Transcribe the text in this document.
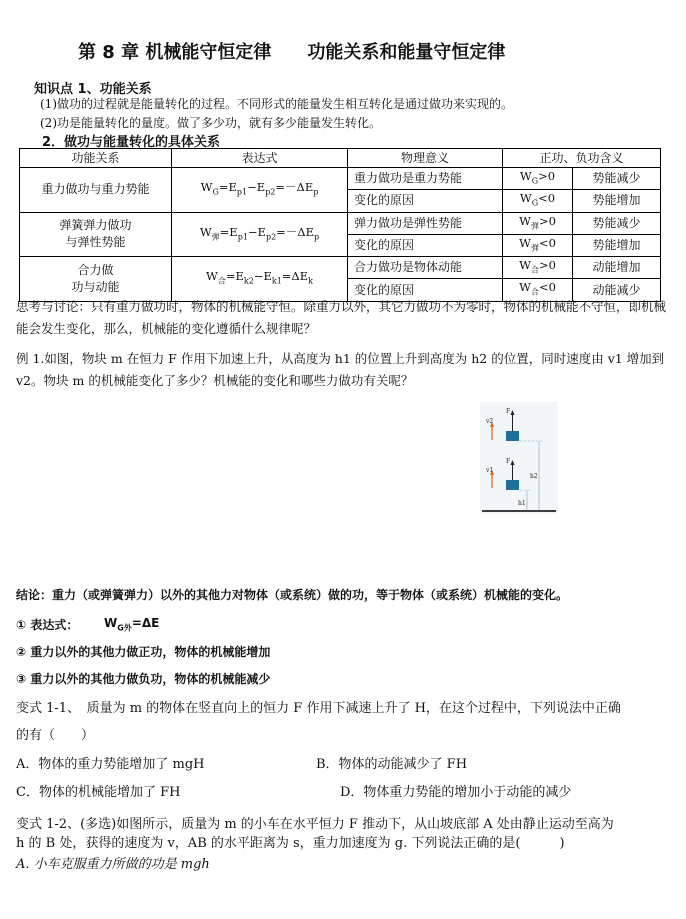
第 8 章 机械能守恒定律　　功能关系和能量守恒定律
知识点 1、功能关系
(1)做功的过程就是能量转化的过程。不同形式的能量发生相互转化是通过做功来实现的。
(2)功是能量转化的量度。做了多少功，就有多少能量发生转化。
2．做功与能量转化的具体关系
功能关系	表达式	物理意义	正功、负功含义	
重力做功与重力势能	$W_G=E_{p1}-E_{p2}=-\Delta E_p$	重力做功是重力势能	$W_G>0$	势能减少
		变化的原因	$W_G<0$	势能增加
弹簧弹力做功
与弹性势能	$W_弹=E_{p1}-E_{p2}=-\Delta E_p$	弹力做功是弹性势能	$W_弹>0$	势能减少
		变化的原因	$W_弹<0$	势能增加
合力做
功与动能	$W_合=E_{k2}-E_{k1}=\Delta E_k$	合力做功是物体动能	$W_合>0$	动能增加
		变化的原因	$W_合<0$	动能减少
思考与讨论：只有重力做功时，物体的机械能守恒。除重力以外，其它力做功不为零时，物体的机械能不守恒，即机械能会发生变化，那么，机械能的变化遵循什么规律呢？
例 1.如图，物块 m 在恒力 F 作用下加速上升，从高度为 h1 的位置上升到高度为 h2 的位置，同时速度由 v1 增加到 v2。物块 m 的机械能变化了多少？机械能的变化和哪些力做功有关呢？
F
v2
h2
F
v1
h1
结论：重力（或弹簧弹力）以外的其他力对物体（或系统）做的功，等于物体（或系统）机械能的变化。
① 表达式： $W_{G外}=\Delta E$
② 重力以外的其他力做正功，物体的机械能增加
③ 重力以外的其他力做负功，物体的机械能减少
变式 1-1、　质量为 m 的物体在竖直向上的恒力 F 作用下减速上升了 H，在这个过程中，下列说法中正确
的有（　　）
A．物体的重力势能增加了 mgH	B．物体的动能减少了 FH
C．物体的机械能增加了 FH	D．物体重力势能的增加小于动能的减少
变式 1-2、(多选)如图所示，质量为 m 的小车在水平恒力 F 推动下，从山坡底部 A 处由静止运动至高为
h 的 B 处，获得的速度为 v，AB 的水平距离为 s，重力加速度为 g. 下列说法正确的是(　　　)
A. 小车克服重力所做的功是 mgh
